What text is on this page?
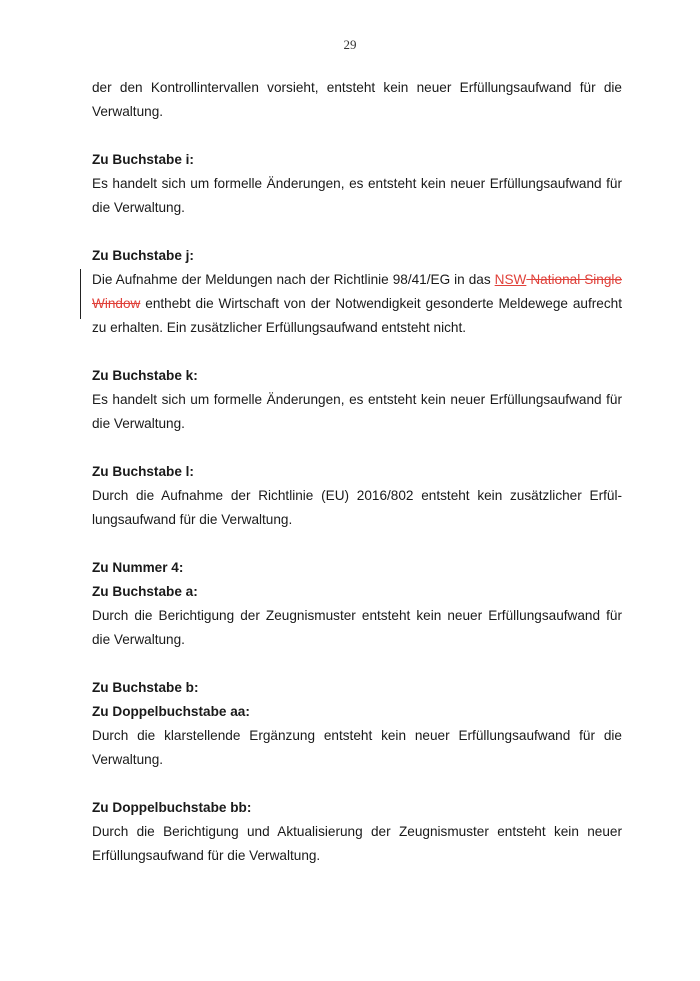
29

der den Kontrollintervallen vorsieht, entsteht kein neuer Erfüllungsaufwand für die Verwaltung.

Zu Buchstabe i:

Es handelt sich um formelle Änderungen, es entsteht kein neuer Erfüllungsaufwand für die Verwaltung.

Zu Buchstabe j:

Die Aufnahme der Meldungen nach der Richtlinie 98/41/EG in das NSW National Single Window enthebt die Wirtschaft von der Notwendigkeit gesonderte Meldewege aufrecht zu erhalten. Ein zusätzlicher Erfüllungsaufwand entsteht nicht.

Zu Buchstabe k:

Es handelt sich um formelle Änderungen, es entsteht kein neuer Erfüllungsaufwand für die Verwaltung.

Zu Buchstabe l:

Durch die Aufnahme der Richtlinie (EU) 2016/802 entsteht kein zusätzlicher Erfül- lungsaufwand für die Verwaltung.

Zu Nummer 4:

Zu Buchstabe a:

Durch die Berichtigung der Zeugnismuster entsteht kein neuer Erfüllungsaufwand für die Verwaltung.

Zu Buchstabe b:

Zu Doppelbuchstabe aa:

Durch die klarstellende Ergänzung entsteht kein neuer Erfüllungsaufwand für die Verwaltung.

Zu Doppelbuchstabe bb:

Durch die Berichtigung und Aktualisierung der Zeugnismuster entsteht kein neuer Erfüllungsaufwand für die Verwaltung.
